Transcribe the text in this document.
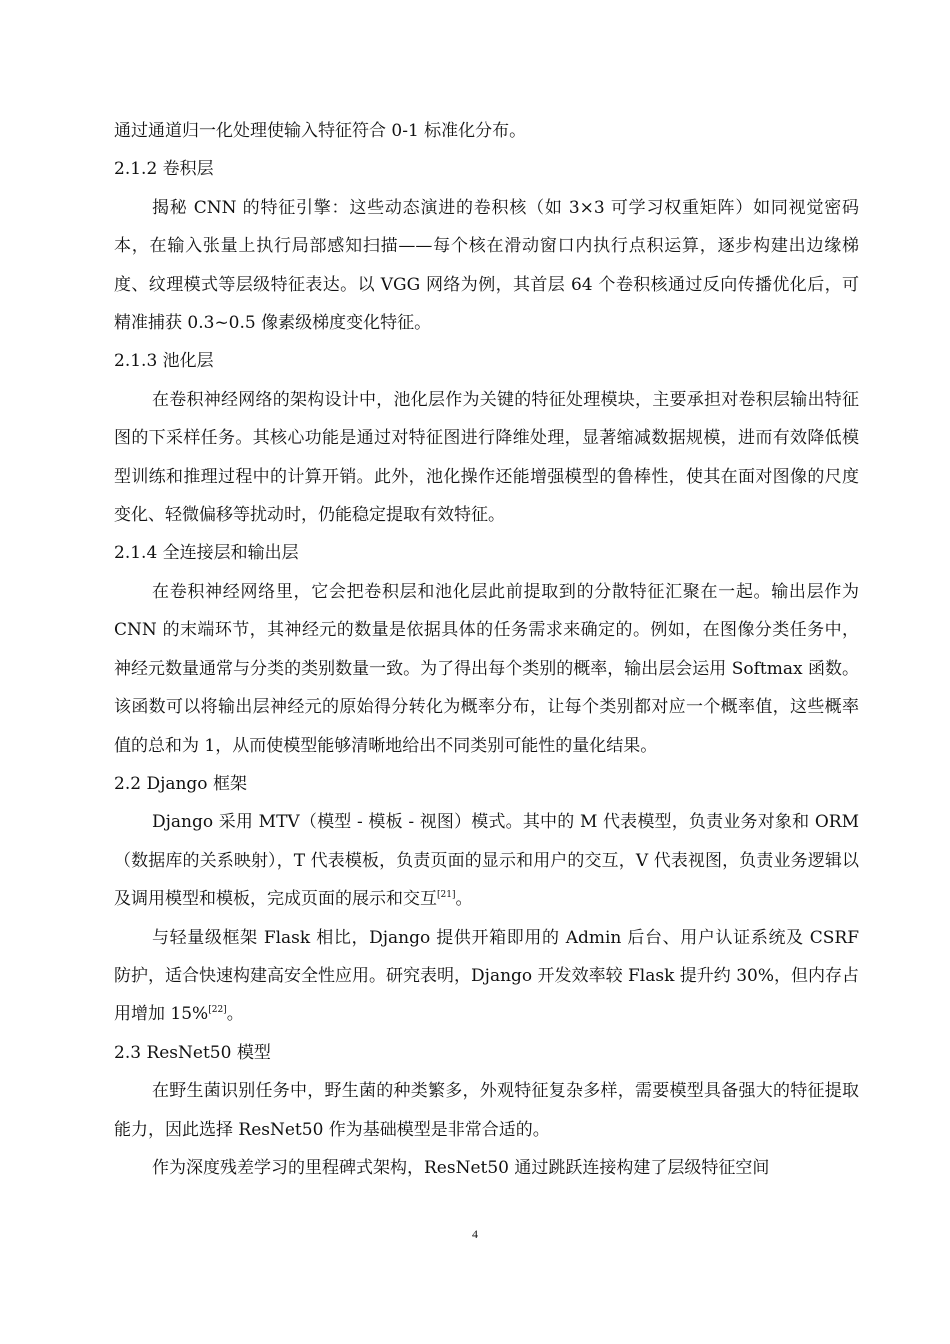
通过通道归一化处理使输入特征符合 0-1 标准化分布。

2.1.2 卷积层

揭秘 CNN 的特征引擎：这些动态演进的卷积核（如 3×3 可学习权重矩阵）如同视觉密码本，在输入张量上执行局部感知扫描——每个核在滑动窗口内执行点积运算，逐步构建出边缘梯度、纹理模式等层级特征表达。以 VGG 网络为例，其首层 64 个卷积核通过反向传播优化后，可精准捕获 0.3~0.5 像素级梯度变化特征。

2.1.3 池化层

在卷积神经网络的架构设计中，池化层作为关键的特征处理模块，主要承担对卷积层输出特征图的下采样任务。其核心功能是通过对特征图进行降维处理，显著缩减数据规模，进而有效降低模型训练和推理过程中的计算开销。此外，池化操作还能增强模型的鲁棒性，使其在面对图像的尺度变化、轻微偏移等扰动时，仍能稳定提取有效特征。

2.1.4 全连接层和输出层

在卷积神经网络里，它会把卷积层和池化层此前提取到的分散特征汇聚在一起。输出层作为 CNN 的末端环节，其神经元的数量是依据具体的任务需求来确定的。例如，在图像分类任务中，神经元数量通常与分类的类别数量一致。为了得出每个类别的概率，输出层会运用 Softmax 函数。该函数可以将输出层神经元的原始得分转化为概率分布，让每个类别都对应一个概率值，这些概率值的总和为 1，从而使模型能够清晰地给出不同类别可能性的量化结果。

2.2 Django 框架

Django 采用 MTV（模型 - 模板 - 视图）模式。其中的 M 代表模型，负责业务对象和 ORM（数据库的关系映射），T 代表模板，负责页面的显示和用户的交互，V 代表视图，负责业务逻辑以及调用模型和模板，完成页面的展示和交互[21]。

与轻量级框架 Flask 相比，Django 提供开箱即用的 Admin 后台、用户认证系统及 CSRF 防护，适合快速构建高安全性应用。研究表明，Django 开发效率较 Flask 提升约 30%，但内存占用增加 15%[22]。

2.3 ResNet50 模型

在野生菌识别任务中，野生菌的种类繁多，外观特征复杂多样，需要模型具备强大的特征提取能力，因此选择 ResNet50 作为基础模型是非常合适的。

作为深度残差学习的里程碑式架构，ResNet50 通过跳跃连接构建了层级特征空间

4
